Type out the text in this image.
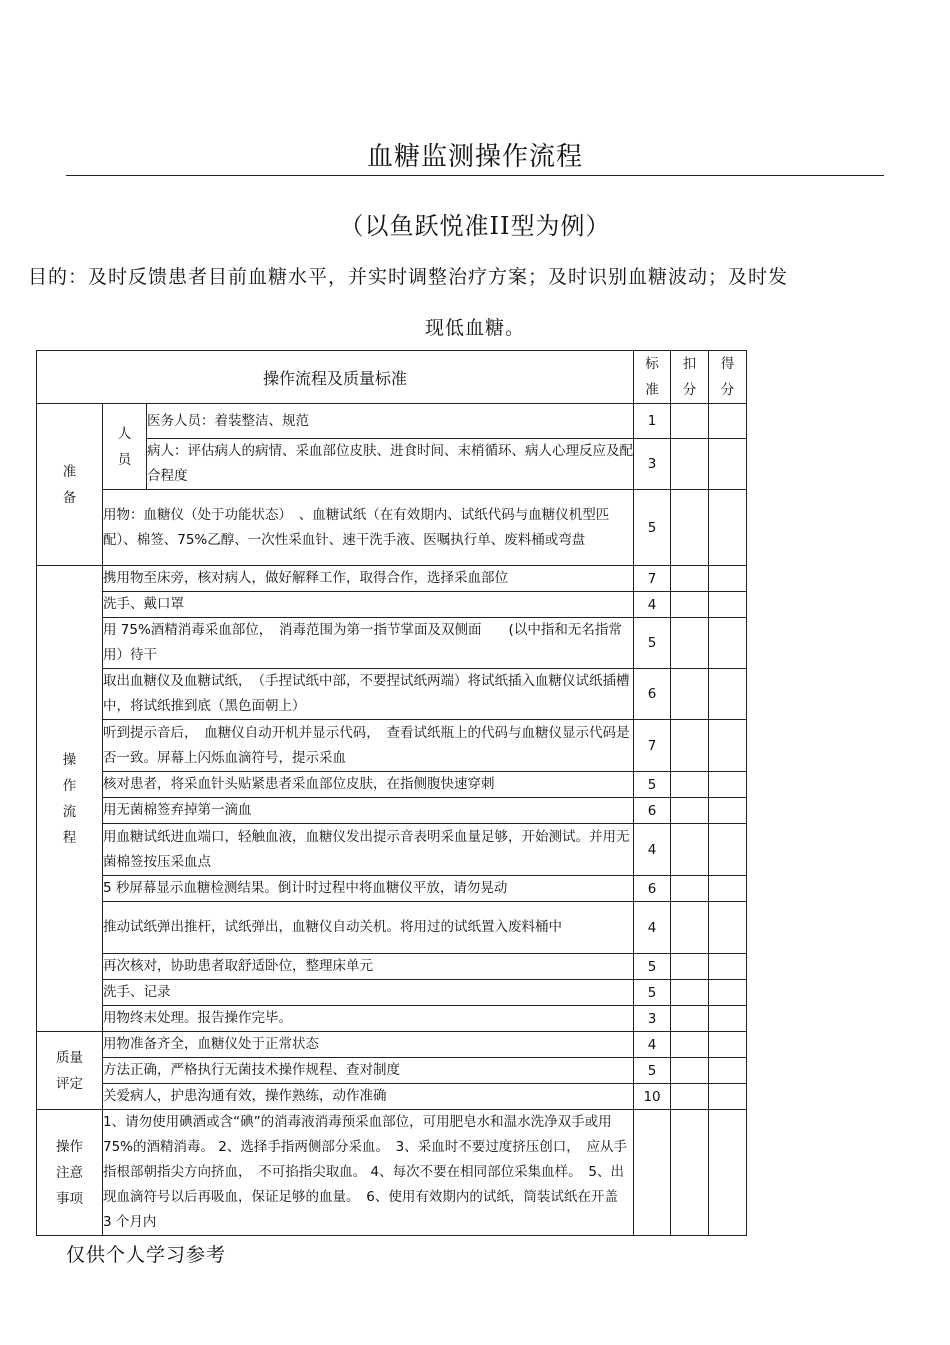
血糖监测操作流程
（以鱼跃悦准II型为例）
目的：及时反馈患者目前血糖水平，并实时调整治疗方案；及时识别血糖波动；及时发
现低血糖。
操作流程及质量标准			标准	扣分	得分
准备	人员	医务人员：着装整洁、规范	1		
		病人：评估病人的病情、采血部位皮肤、进食时间、末梢循环、病人心理反应及配合程度	3		
	用物：血糖仪（处于功能状态）　、血糖试纸（在有效期内、试纸代码与血糖仪机型匹配）、棉签、75%乙醇、一次性采血针、速干洗手液、医嘱执行单、废料桶或弯盘		5		
操作流程	携用物至床旁，核对病人，做好解释工作，取得合作，选择采血部位		7		
	洗手、戴口罩		4		
	用 75%酒精消毒采血部位，　消毒范围为第一指节掌面及双侧面　　(以中指和无名指常用）待干		5		
	取出血糖仪及血糖试纸，　（手捏试纸中部，不要捏试纸两端）将试纸插入血糖仪试纸插槽中，将试纸推到底（黑色面朝上）		6		
	听到提示音后，　血糖仪自动开机并显示代码，　查看试纸瓶上的代码与血糖仪显示代码是否一致。屏幕上闪烁血滴符号，提示采血		7		
	核对患者，将采血针头贴紧患者采血部位皮肤，在指侧腹快速穿刺		5		
	用无菌棉签弃掉第一滴血		6		
	用血糖试纸进血端口，轻触血液，血糖仪发出提示音表明采血量足够，开始测试。并用无菌棉签按压采血点		4		
	5 秒屏幕显示血糖检测结果。倒计时过程中将血糖仪平放，请勿晃动		6		
	推动试纸弹出推杆，试纸弹出，血糖仪自动关机。将用过的试纸置入废料桶中		4		
	再次核对，协助患者取舒适卧位，整理床单元		5		
	洗手、记录		5		
	用物终末处理。报告操作完毕。		3		
质量评定	用物准备齐全，血糖仪处于正常状态		4		
	方法正确，严格执行无菌技术操作规程、查对制度		5		
	关爱病人，护患沟通有效，操作熟练，动作准确		10		
操作注意事项	1、请勿使用碘酒或含“碘”的消毒液消毒预采血部位，可用肥皂水和温水洗净双手或用　75%的酒精消毒。 2、选择手指两侧部分采血。　3、采血时不要过度挤压创口，　应从手指根部朝指尖方向挤血，　不可掐指尖取血。 4、每次不要在相同部位采集血样。　5、出现血滴符号以后再吸血，保证足够的血量。　6、使用有效期内的试纸，筒装试纸在开盖　3 个月内				
仅供个人学习参考
